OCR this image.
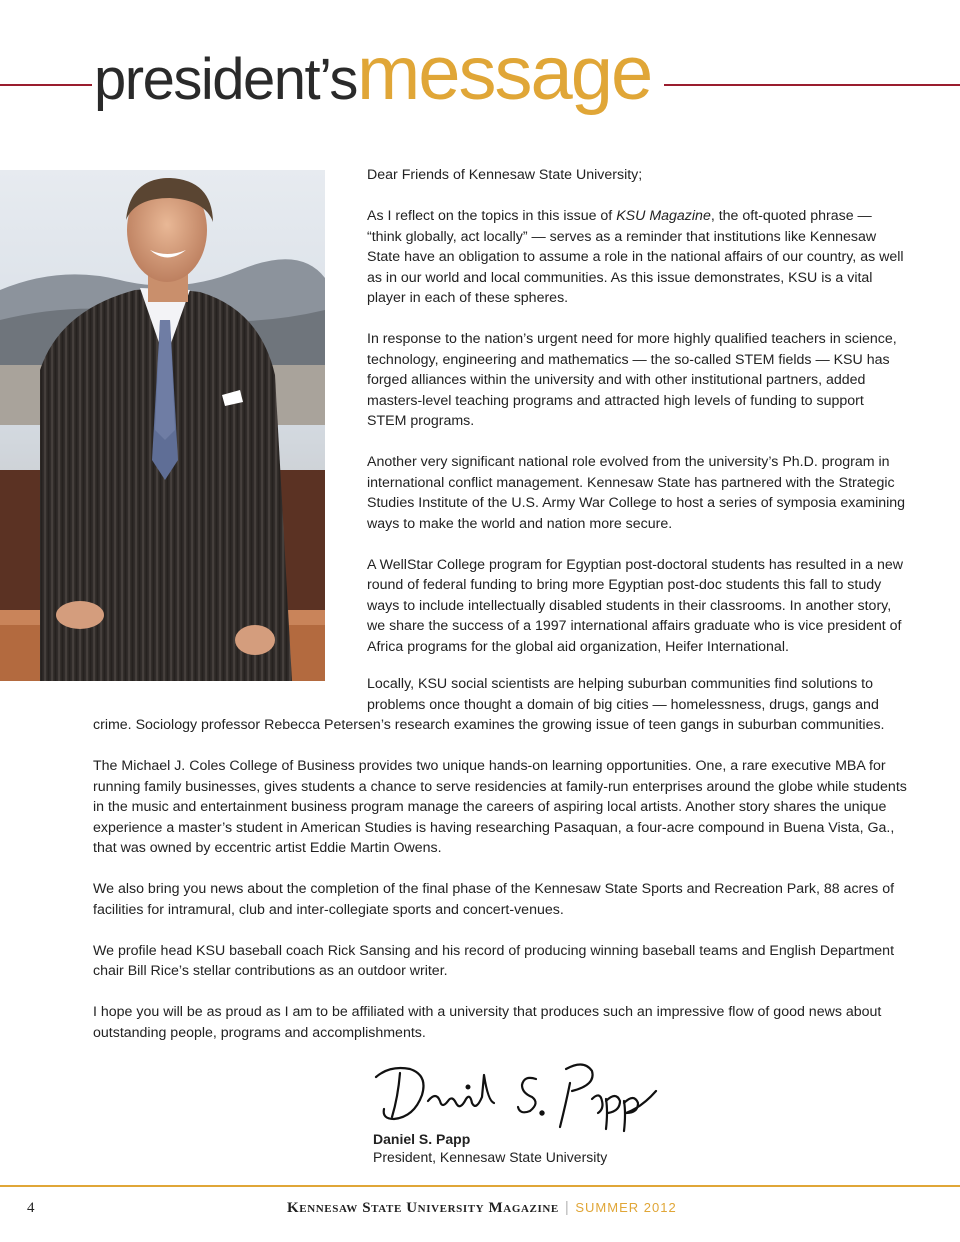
president’smessage

Dear Friends of Kennesaw State University;

As I reflect on the topics in this issue of KSU Magazine, the oft-quoted phrase — “think globally, act locally” — serves as a reminder that institutions like Kennesaw State have an obligation to assume a role in the national affairs of our country, as well as in our world and local communities. As this issue demonstrates, KSU is a vital player in each of these spheres.

In response to the nation’s urgent need for more highly qualified teachers in science, technology, engineering and mathematics — the so-called STEM fields — KSU has forged alliances within the university and with other institutional partners, added masters-level teaching programs and attracted high levels of funding to support STEM programs.

Another very significant national role evolved from the university’s Ph.D. program in international conflict management. Kennesaw State has partnered with the Strategic Studies Institute of the U.S. Army War College to host a series of symposia examining ways to make the world and nation more secure.

A WellStar College program for Egyptian post-doctoral students has resulted in a new round of federal funding to bring more Egyptian post-doc students this fall to study ways to include intellectually disabled students in their classrooms. In another story, we share the success of a 1997 international affairs graduate who is vice president of Africa programs for the global aid organization, Heifer International.

Locally, KSU social scientists are helping suburban communities find solutions to problems once thought a domain of big cities — homelessness, drugs, gangs and

crime. Sociology professor Rebecca Petersen’s research examines the growing issue of teen gangs in suburban communities.

The Michael J. Coles College of Business provides two unique hands-on learning opportunities. One, a rare executive MBA for running family businesses, gives students a chance to serve residencies at family-run enterprises around the globe while students in the music and entertainment business program manage the careers of aspiring local artists. Another story shares the unique experience a master’s student in American Studies is having researching Pasaquan, a four-acre compound in Buena Vista, Ga., that was owned by eccentric artist Eddie Martin Owens.

We also bring you news about the completion of the final phase of the Kennesaw State Sports and Recreation Park, 88 acres of facilities for intramural, club and inter-collegiate sports and concert-venues.

We profile head KSU baseball coach Rick Sansing and his record of producing winning baseball teams and English Department chair Bill Rice’s stellar contributions as an outdoor writer.

I hope you will be as proud as I am to be affiliated with a university that produces such an impressive flow of good news about outstanding people, programs and accomplishments.

Daniel S. Papp
President, Kennesaw State University
4	Kennesaw State University Magazine | SUMMER 2012
